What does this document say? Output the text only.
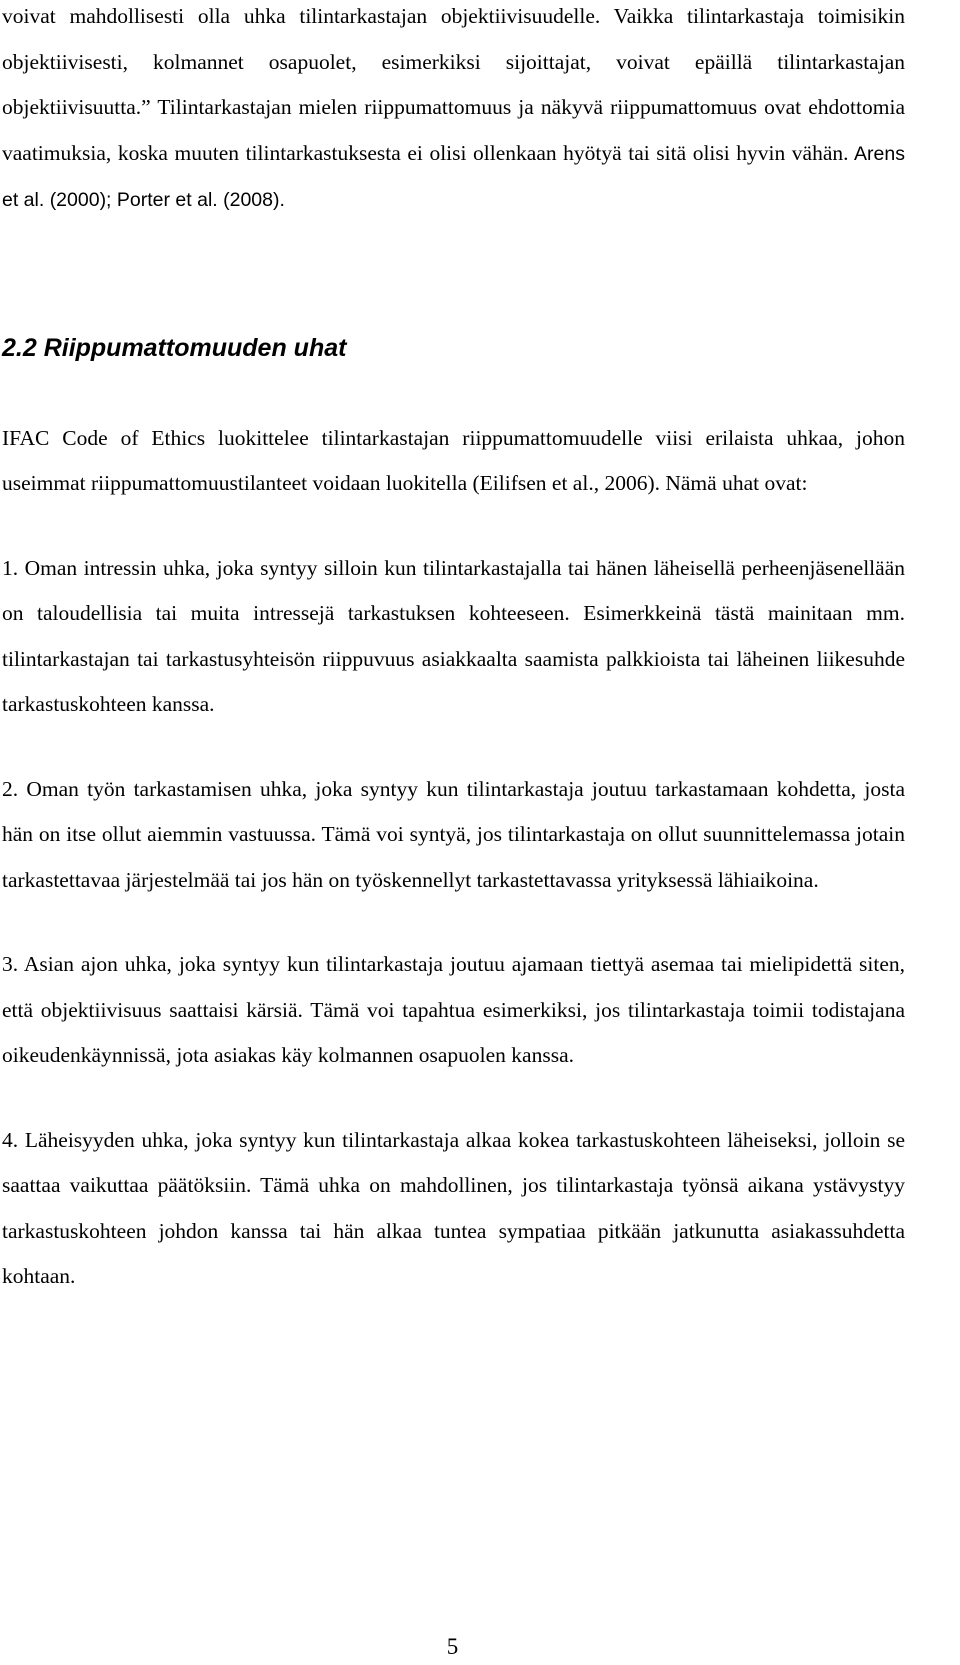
voivat mahdollisesti olla uhka tilintarkastajan objektiivisuudelle. Vaikka tilintarkastaja toimisikin objektiivisesti, kolmannet osapuolet, esimerkiksi sijoittajat, voivat epäillä tilintarkastajan objektiivisuutta.” Tilintarkastajan mielen riippumattomuus ja näkyvä riippumattomuus ovat ehdottomia vaatimuksia, koska muuten tilintarkastuksesta ei olisi ollenkaan hyötyä tai sitä olisi hyvin vähän. Arens et al. (2000); Porter et al. (2008).

2.2 Riippumattomuuden uhat

IFAC Code of Ethics luokittelee tilintarkastajan riippumattomuudelle viisi erilaista uhkaa, johon useimmat riippumattomuustilanteet voidaan luokitella (Eilifsen et al., 2006). Nämä uhat ovat:

1. Oman intressin uhka, joka syntyy silloin kun tilintarkastajalla tai hänen läheisellä perheenjäsenellään on taloudellisia tai muita intressejä tarkastuksen kohteeseen. Esimerkkeinä tästä mainitaan mm. tilintarkastajan tai tarkastusyhteisön riippuvuus asiakkaalta saamista palkkioista tai läheinen liikesuhde tarkastuskohteen kanssa.

2. Oman työn tarkastamisen uhka, joka syntyy kun tilintarkastaja joutuu tarkastamaan kohdetta, josta hän on itse ollut aiemmin vastuussa. Tämä voi syntyä, jos tilintarkastaja on ollut suunnittelemassa jotain tarkastettavaa järjestelmää tai jos hän on työskennellyt tarkastettavassa yrityksessä lähiaikoina.

3. Asian ajon uhka, joka syntyy kun tilintarkastaja joutuu ajamaan tiettyä asemaa tai mielipidettä siten, että objektiivisuus saattaisi kärsiä. Tämä voi tapahtua esimerkiksi, jos tilintarkastaja toimii todistajana oikeudenkäynnissä, jota asiakas käy kolmannen osapuolen kanssa.

4. Läheisyyden uhka, joka syntyy kun tilintarkastaja alkaa kokea tarkastuskohteen läheiseksi, jolloin se saattaa vaikuttaa päätöksiin. Tämä uhka on mahdollinen, jos tilintarkastaja työnsä aikana ystävystyy tarkastuskohteen johdon kanssa tai hän alkaa tuntea sympatiaa pitkään jatkunutta asiakassuhdetta kohtaan.

5
